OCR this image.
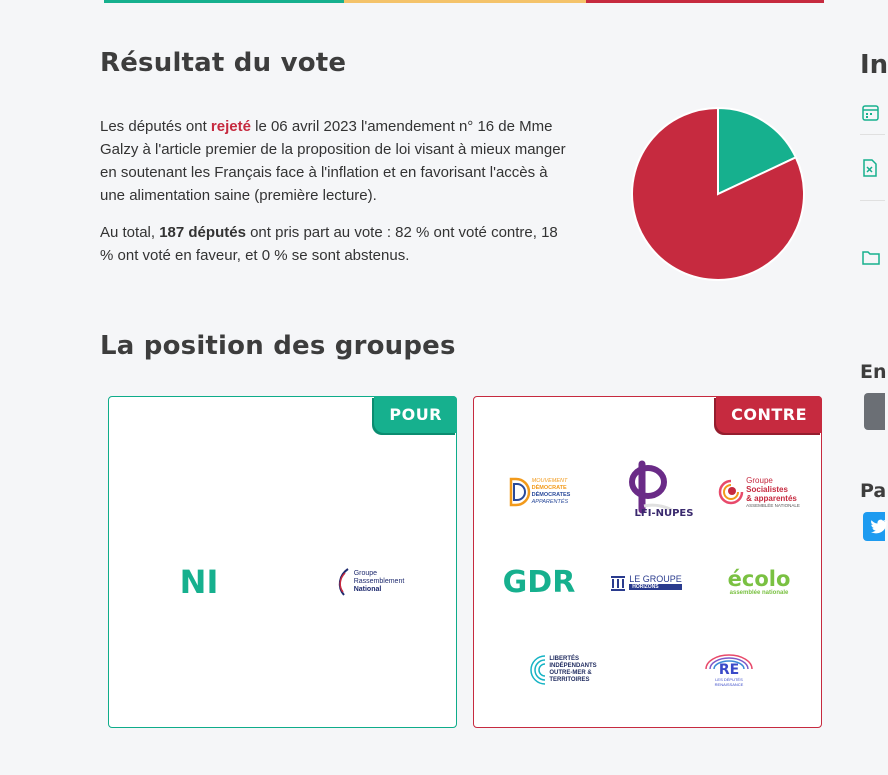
Résultat du vote

Les députés ont rejeté le 06 avril 2023 l'amendement n° 16 de Mme Galzy à l'article premier de la proposition de loi visant à mieux manger en soutenant les Français face à l'inflation et en favorisant l'accès à une alimentation saine (première lecture).

Au total, 187 députés ont pris part au vote : 82 % ont voté contre, 18 % ont voté en faveur, et 0 % se sont abstenus.

La position des groupes
POUR
NI	Groupe
Rassemblement
National
CONTRE
MOUVEMENT
DÉMOCRATE
DÉMOCRATES
APPARENTÉS
LFI-NUPES
Groupe
Socialistes
& apparentés
ASSEMBLÉE NATIONALE
GDR	LE GROUPE
HORIZONS	écolo
assemblée nationale
LIBERTÉS
INDÉPENDANTS
OUTRE-MER &
TERRITOIRES
RE
LES DÉPUTÉS
RENAISSANCE
In
En
Pa
